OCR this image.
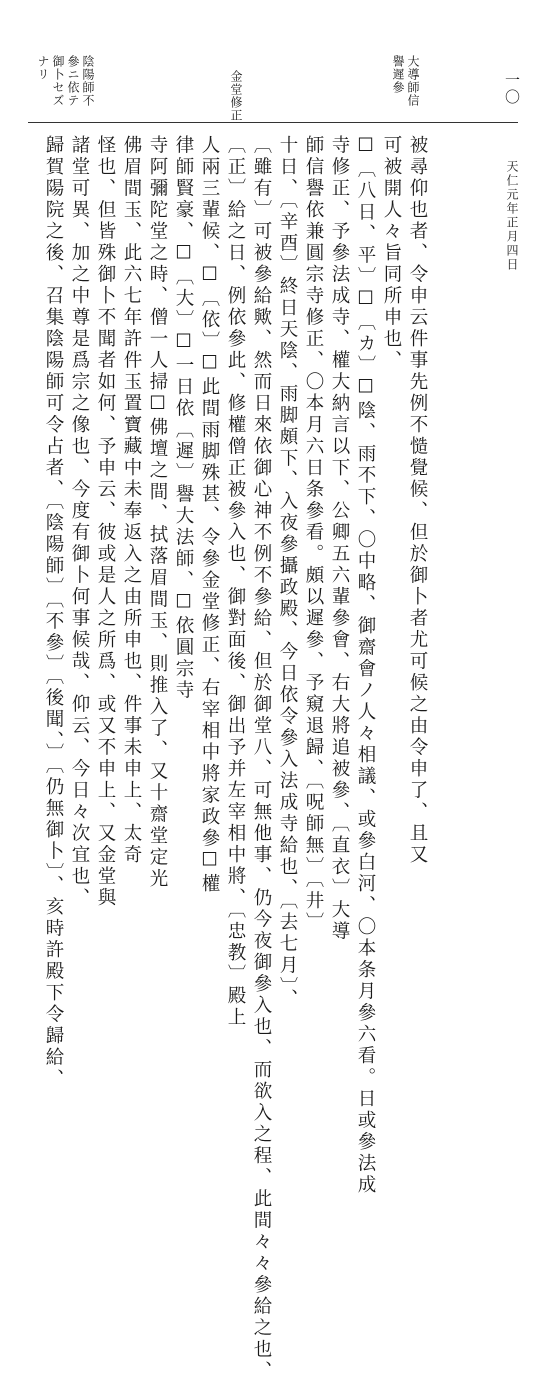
一〇
天仁元年正月四日
金堂修正	大導師信
譽遲參
陰陽師不
參ニ依テ
御卜セズ
ナリ
被尋仰也者、令申云件事先例不慥覺候、但於御卜者尤可候之由令申了、且又
可被開人々旨同所申也、
☐〔八日、平〕☐〔カ〕☐陰、雨不下、〇中略、御齋會ノ人々相議、或參白河、〇本条月參六看。日或參法成
寺修正、予參法成寺、權大納言以下、公卿五六輩參會、右大將追被參、〔直衣〕大導
師信譽依兼圓宗寺修正、〇本月六日条參看。頗以遲參、予窺退歸、〔呪師無〕〔井〕
十日、〔辛酉〕終日天陰、雨脚頗下、入夜參攝政殿、今日依令參入法成寺給也、〔去七月〕、
〔雖有〕可被參給歟、然而日來依御心神不例不參給、但於御堂八、可無他事、仍今夜御參入也、而欲入之程、此間々々參給之也、
〔正〕給之日、例依參此、修權僧正被參入也、御對面後、御出予并左宰相中將、〔忠教〕殿上
人兩三輩候、☐〔依〕☐此間雨脚殊甚、令參金堂修正、右宰相中將家政參☐權
律師賢豪、☐〔大〕☐一日依〔遲〕譽大法師、☐依圓宗寺
寺阿彌陀堂之時、僧一人掃☐佛壇之間、拭落眉間玉、則推入了、又十齋堂定光
佛眉間玉、此六七年許件玉置寶藏中未奉返入之由所申也、件事未申上、太奇
怪也、但皆殊御卜不聞者如何、予申云、彼或是人之所爲、或又不申上、又金堂與
諸堂可異、加之中尊是爲宗之像也、今度有御卜何事候哉、仰云、今日々次宜也、
歸賀陽院之後、召集陰陽師可令占者、〔陰陽師〕〔不參〕〔後聞、〕〔仍無御卜〕、亥時許殿下令歸給、
